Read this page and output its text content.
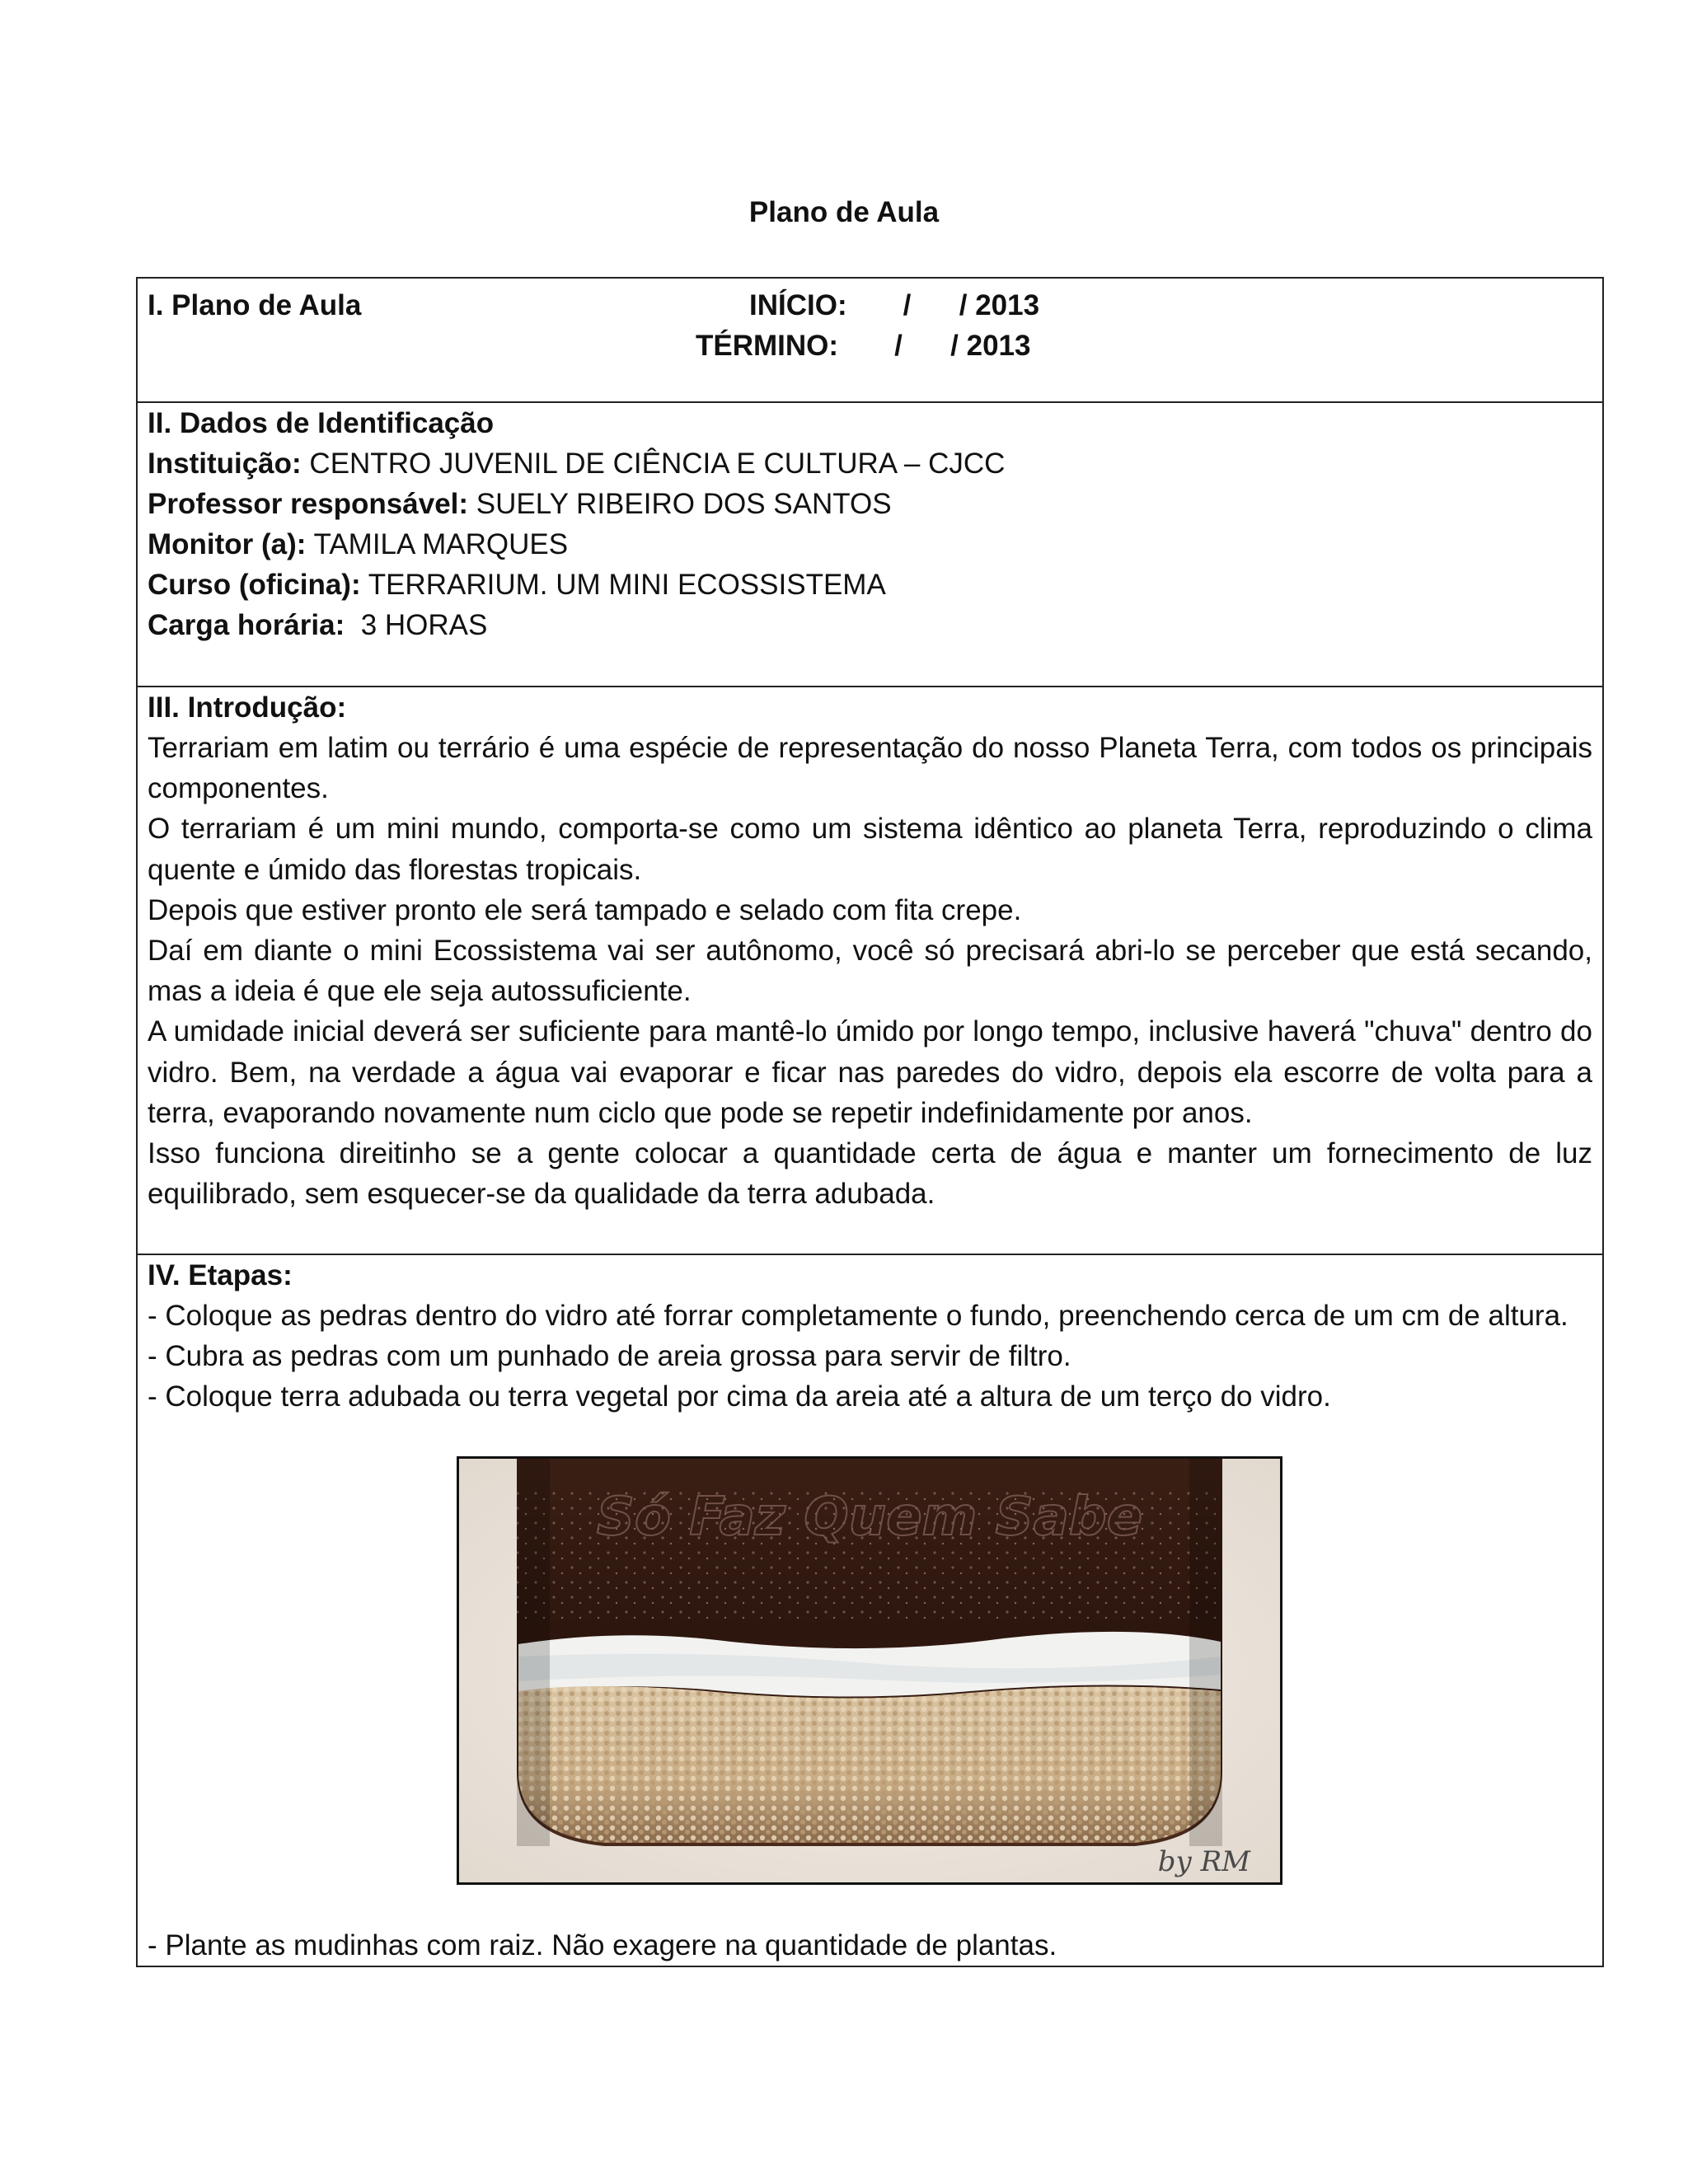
Plano de Aula
I. Plano de Aula	INÍCIO:       /      / 2013
TÉRMINO:       /      / 2013
II. Dados de Identificação
Instituição: CENTRO JUVENIL DE CIÊNCIA E CULTURA – CJCC
Professor responsável: SUELY RIBEIRO DOS SANTOS
Monitor (a): TAMILA MARQUES
Curso (oficina): TERRARIUM. UM MINI ECOSSISTEMA
Carga horária:  3 HORAS
III. Introdução:

Terrariam em latim ou terrário é uma espécie de representação do nosso Planeta Terra, com todos os principais componentes.

O terrariam é um mini mundo, comporta-se como um sistema idêntico ao planeta Terra, reproduzindo o clima quente e úmido das florestas tropicais.

Depois que estiver pronto ele será tampado e selado com fita crepe.

Daí em diante o mini Ecossistema vai ser autônomo, você só precisará abri-lo se perceber que está secando, mas a ideia é que ele seja autossuficiente.

A umidade inicial deverá ser suficiente para mantê-lo úmido por longo tempo, inclusive haverá "chuva" dentro do vidro. Bem, na verdade a água vai evaporar e ficar nas paredes do vidro, depois ela escorre de volta para a terra, evaporando novamente num ciclo que pode se repetir indefinidamente por anos.

Isso funciona direitinho se a gente colocar a quantidade certa de água e manter um fornecimento de luz equilibrado, sem esquecer-se da qualidade da terra adubada.

IV. Etapas:

- Coloque as pedras dentro do vidro até forrar completamente o fundo, preenchendo cerca de um cm de altura.

- Cubra as pedras com um punhado de areia grossa para servir de filtro.

- Coloque terra adubada ou terra vegetal por cima da areia até a altura de um terço do vidro.

- Plante as mudinhas com raiz. Não exagere na quantidade de plantas.
Só Faz Quem Sabe
by RM
